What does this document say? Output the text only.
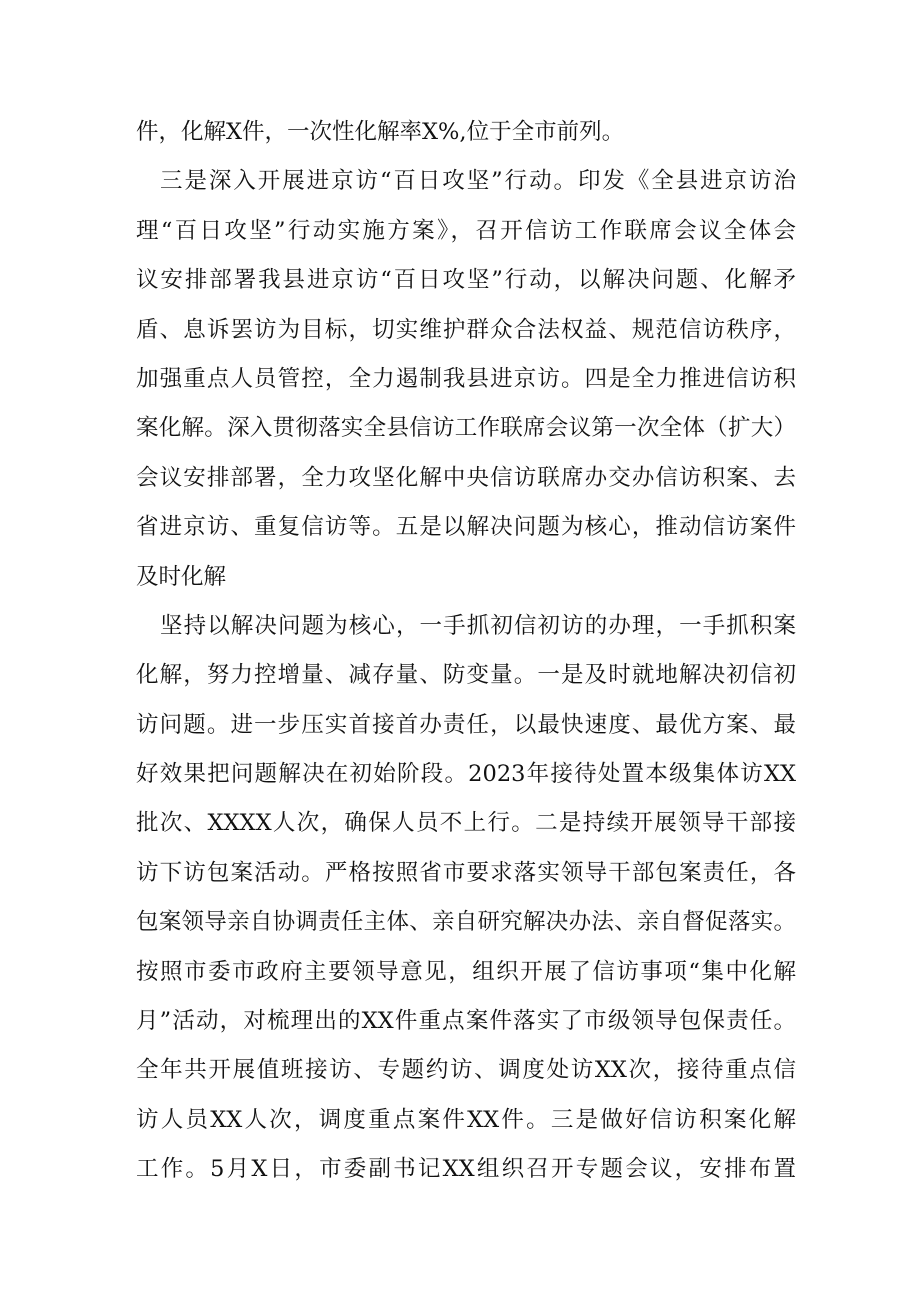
件，化解X件，一次性化解率X%,位于全市前列。
三是深入开展进京访“百日攻坚”行动。印发《全县进京访治
理“百日攻坚”行动实施方案》，召开信访工作联席会议全体会
议安排部署我县进京访“百日攻坚”行动，以解决问题、化解矛
盾、息诉罢访为目标，切实维护群众合法权益、规范信访秩序，
加强重点人员管控，全力遏制我县进京访。四是全力推进信访积
案化解。深入贯彻落实全县信访工作联席会议第一次全体（扩大）
会议安排部署，全力攻坚化解中央信访联席办交办信访积案、去
省进京访、重复信访等。五是以解决问题为核心，推动信访案件
及时化解
坚持以解决问题为核心，一手抓初信初访的办理，一手抓积案
化解，努力控增量、减存量、防变量。一是及时就地解决初信初
访问题。进一步压实首接首办责任，以最快速度、最优方案、最
好效果把问题解决在初始阶段。2023年接待处置本级集体访XX
批次、XXXX人次，确保人员不上行。二是持续开展领导干部接
访下访包案活动。严格按照省市要求落实领导干部包案责任，各
包案领导亲自协调责任主体、亲自研究解决办法、亲自督促落实。
按照市委市政府主要领导意见，组织开展了信访事项“集中化解
月”活动，对梳理出的XX件重点案件落实了市级领导包保责任。
全年共开展值班接访、专题约访、调度处访XX次，接待重点信
访人员XX人次，调度重点案件XX件。三是做好信访积案化解
工作。5月X日，市委副书记XX组织召开专题会议，安排布置
